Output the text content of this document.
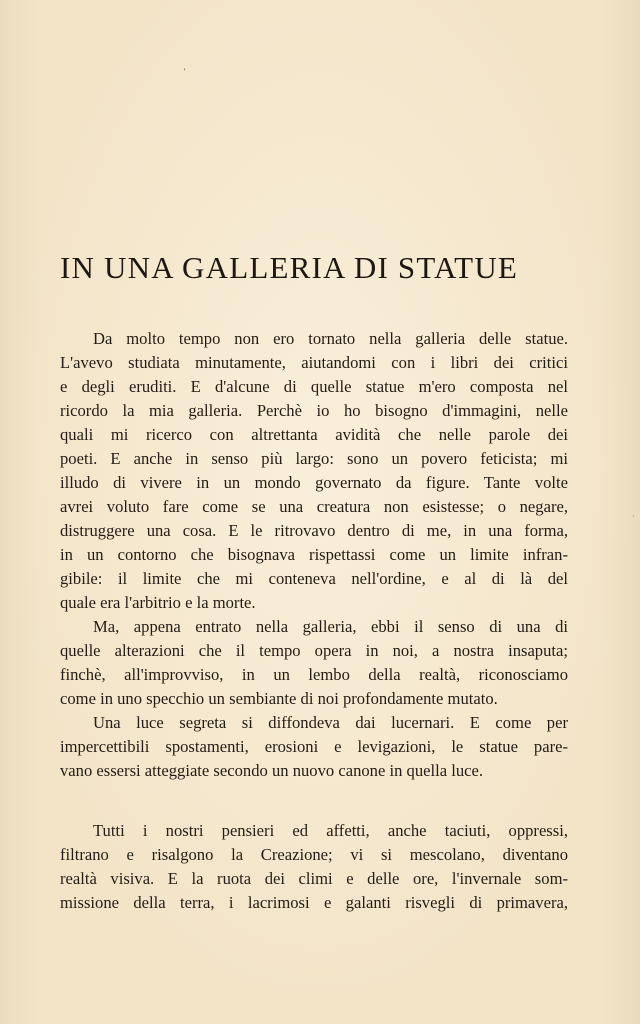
IN UNA GALLERIA DI STATUE
Da molto tempo non ero tornato nella galleria delle statue.
L'avevo studiata minutamente, aiutandomi con i libri dei critici
e degli eruditi. E d'alcune di quelle statue m'ero composta nel
ricordo la mia galleria. Perchè io ho bisogno d'immagini, nelle
quali mi ricerco con altrettanta avidità che nelle parole dei
poeti. E anche in senso più largo: sono un povero feticista; mi
illudo di vivere in un mondo governato da figure. Tante volte
avrei voluto fare come se una creatura non esistesse; o negare,
distruggere una cosa. E le ritrovavo dentro di me, in una forma,
in un contorno che bisognava rispettassi come un limite infran-
gibile: il limite che mi conteneva nell'ordine, e al di là del
quale era l'arbitrio e la morte.
Ma, appena entrato nella galleria, ebbi il senso di una di
quelle alterazioni che il tempo opera in noi, a nostra insaputa;
finchè, all'improvviso, in un lembo della realtà, riconosciamo
come in uno specchio un sembiante di noi profondamente mutato.
Una luce segreta si diffondeva dai lucernari. E come per
impercettibili spostamenti, erosioni e levigazioni, le statue pare-
vano essersi atteggiate secondo un nuovo canone in quella luce.
Tutti i nostri pensieri ed affetti, anche taciuti, oppressi,
filtrano e risalgono la Creazione; vi si mescolano, diventano
realtà visiva. E la ruota dei climi e delle ore, l'invernale som-
missione della terra, i lacrimosi e galanti risvegli di primavera,
ʼ
·
